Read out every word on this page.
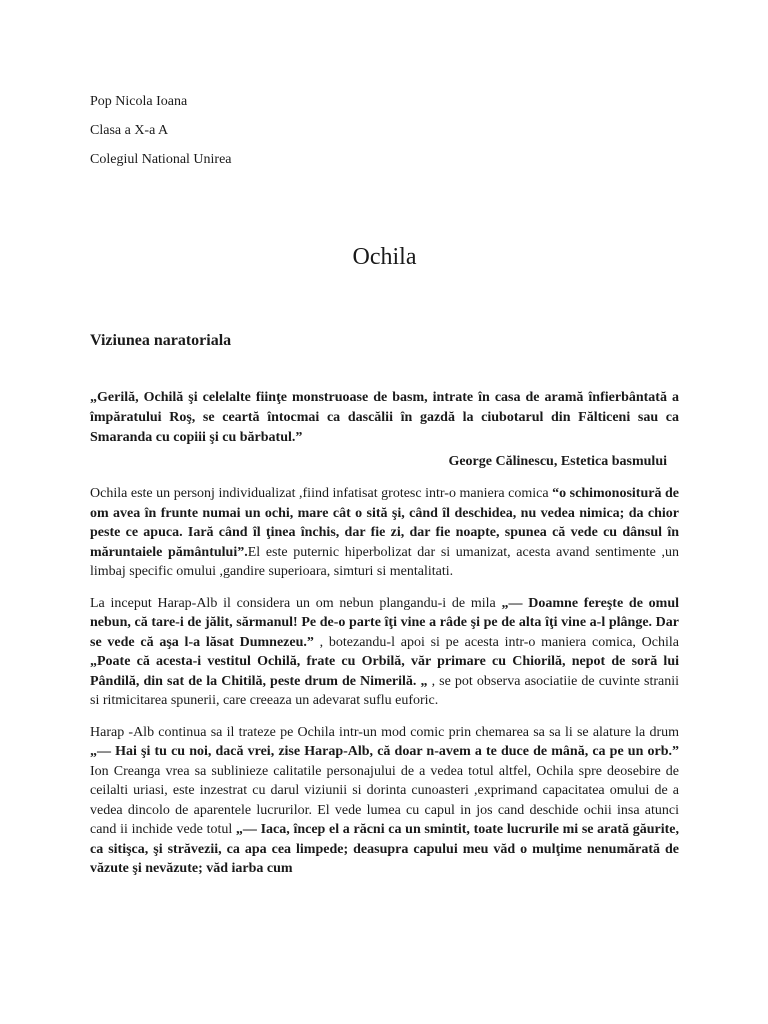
Pop Nicola Ioana
Clasa a X-a A
Colegiul National Unirea
Ochila
Viziunea naratoriala
„Gerilă, Ochilă şi celelalte fiinţe monstruoase de basm, intrate în casa de aramă înfierbântată a împăratului Roş, se ceartă întocmai ca dascălii în gazdă la ciubotarul din Fălticeni sau ca Smaranda cu copiii şi cu bărbatul.”
George Călinescu, Estetica basmului

Ochila este un personj individualizat ,fiind infatisat grotesc intr-o maniera comica “o schimonositură de om avea în frunte numai un ochi, mare cât o sită şi, când îl deschidea, nu vedea nimica; da chior peste ce apuca. Iară când îl ţinea închis, dar fie zi, dar fie noapte, spunea că vede cu dânsul în măruntaiele pământului”.El este puternic hiperbolizat dar si umanizat, acesta avand sentimente ,un limbaj specific omului ,gandire superioara, simturi si mentalitati.

La inceput Harap-Alb il considera un om nebun plangandu-i de mila „— Doamne fereşte de omul nebun, că tare-i de jălit, sărmanul! Pe de-o parte îţi vine a râde şi pe de alta îţi vine a-l plânge. Dar se vede că aşa l-a lăsat Dumnezeu.” , botezandu-l apoi si pe acesta intr-o maniera comica, Ochila „Poate că acesta-i vestitul Ochilă, frate cu Orbilă, văr primare cu Chiorilă, nepot de soră lui Pândilă, din sat de la Chitilă, peste drum de Nimerilă. „ , se pot observa asociatiie de cuvinte stranii si ritmicitarea spunerii, care creeaza un adevarat suflu euforic.

Harap -Alb continua sa il trateze pe Ochila intr-un mod comic prin chemarea sa sa li se alature la drum „— Hai şi tu cu noi, dacă vrei, zise Harap-Alb, că doar n-avem a te duce de mână, ca pe un orb.” Ion Creanga vrea sa sublinieze calitatile personajului de a vedea totul altfel, Ochila spre deosebire de ceilalti uriasi, este inzestrat cu darul viziunii si dorinta cunoasteri ,exprimand capacitatea omului de a vedea dincolo de aparentele lucrurilor. El vede lumea cu capul in jos cand deschide ochii insa atunci cand ii inchide vede totul „— Iaca, încep el a răcni ca un smintit, toate lucrurile mi se arată găurite, ca sitişca, şi străvezii, ca apa cea limpede; deasupra capului meu văd o mulţime nenumărată de văzute şi nevăzute; văd iarba cum
